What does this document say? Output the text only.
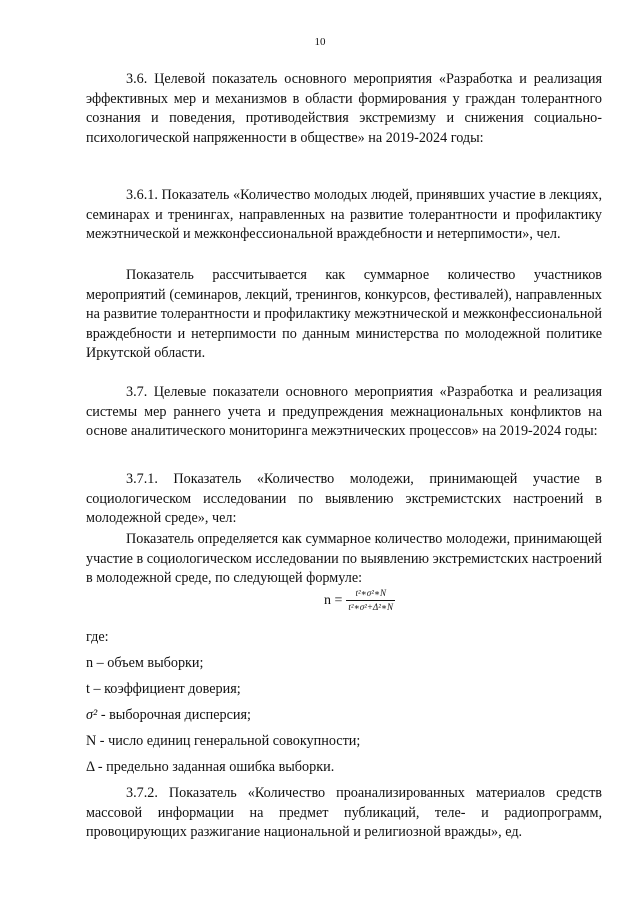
10

3.6. Целевой показатель основного мероприятия «Разработка и реализация эффективных мер и механизмов в области формирования у граждан толерантного сознания и поведения, противодействия экстремизму и снижения социально-психологической напряженности в обществе» на 2019-2024 годы:

3.6.1. Показатель «Количество молодых людей, принявших участие в лекциях, семинарах и тренингах, направленных на развитие толерантности и профилактику межэтнической и межконфессиональной враждебности и нетерпимости», чел.

Показатель рассчитывается как суммарное количество участников мероприятий (семинаров, лекций, тренингов, конкурсов, фестивалей), направленных на развитие толерантности и профилактику межэтнической и межконфессиональной враждебности и нетерпимости по данным министерства по молодежной политике Иркутской области.

3.7. Целевые показатели основного мероприятия «Разработка и реализация системы мер раннего учета и предупреждения межнациональных конфликтов на основе аналитического мониторинга межэтнических процессов» на 2019-2024 годы:

3.7.1. Показатель «Количество молодежи, принимающей участие в социологическом исследовании по выявлению экстремистских настроений в молодежной среде», чел:

Показатель определяется как суммарное количество молодежи, принимающей участие в социологическом исследовании по выявлению экстремистских настроений в молодежной среде, по следующей формуле:

$n = \frac{\text{t²∗σ²∗N}}{\text{t²∗σ²+Δ²∗N}}$
где:
n – объем выборки;
t – коэффициент доверия;
σ² - выборочная дисперсия;
N - число единиц генеральной совокупности;
Δ - предельно заданная ошибка выборки.

3.7.2. Показатель «Количество проанализированных материалов средств массовой информации на предмет публикаций, теле- и радиопрограмм, провоцирующих разжигание национальной и религиозной вражды», ед.
